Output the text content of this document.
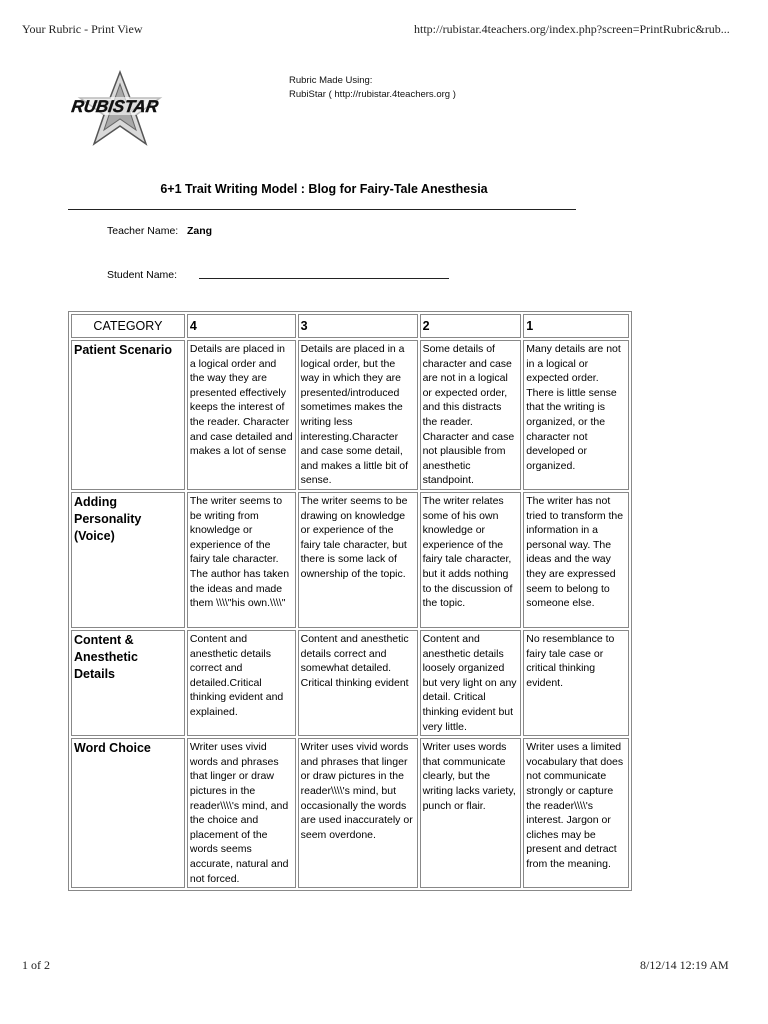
Your Rubric - Print View	http://rubistar.4teachers.org/index.php?screen=PrintRubric&rub...
RUBISTAR
Rubric Made Using:
RubiStar ( http://rubistar.4teachers.org )
6+1 Trait Writing Model : Blog for Fairy-Tale Anesthesia
Teacher Name: Zang
Student Name:
CATEGORY	4	3	2	1
Patient Scenario	Details are placed in a logical order and the way they are presented effectively keeps the interest of the reader. Character and case detailed and makes a lot of sense	Details are placed in a logical order, but the way in which they are presented/introduced sometimes makes the writing less interesting.Character and case some detail, and makes a little bit of sense.	Some details of character and case are not in a logical or expected order, and this distracts the reader. Character and case not plausible from anesthetic standpoint.	Many details are not in a logical or expected order. There is little sense that the writing is organized, or the character not developed or organized.
Adding Personality (Voice)	The writer seems to be writing from knowledge or experience of the fairy tale character. The author has taken the ideas and made them \\\\"his own.\\\\"	The writer seems to be drawing on knowledge or experience of the fairy tale character, but there is some lack of ownership of the topic.	The writer relates some of his own knowledge or experience of the fairy tale character, but it adds nothing to the discussion of the topic.	The writer has not tried to transform the information in a personal way. The ideas and the way they are expressed seem to belong to someone else.
Content & Anesthetic Details	Content and anesthetic details correct and detailed.Critical thinking evident and explained.	Content and anesthetic details correct and somewhat detailed. Critical thinking evident	Content and anesthetic details loosely organized but very light on any detail. Critical thinking evident but very little.	No resemblance to fairy tale case or critical thinking evident.
Word Choice	Writer uses vivid words and phrases that linger or draw pictures in the reader\\\\'s mind, and the choice and placement of the words seems accurate, natural and not forced.	Writer uses vivid words and phrases that linger or draw pictures in the reader\\\\'s mind, but occasionally the words are used inaccurately or seem overdone.	Writer uses words that communicate clearly, but the writing lacks variety, punch or flair.	Writer uses a limited vocabulary that does not communicate strongly or capture the reader\\\\'s interest. Jargon or cliches may be present and detract from the meaning.
1 of 2	8/12/14 12:19 AM
